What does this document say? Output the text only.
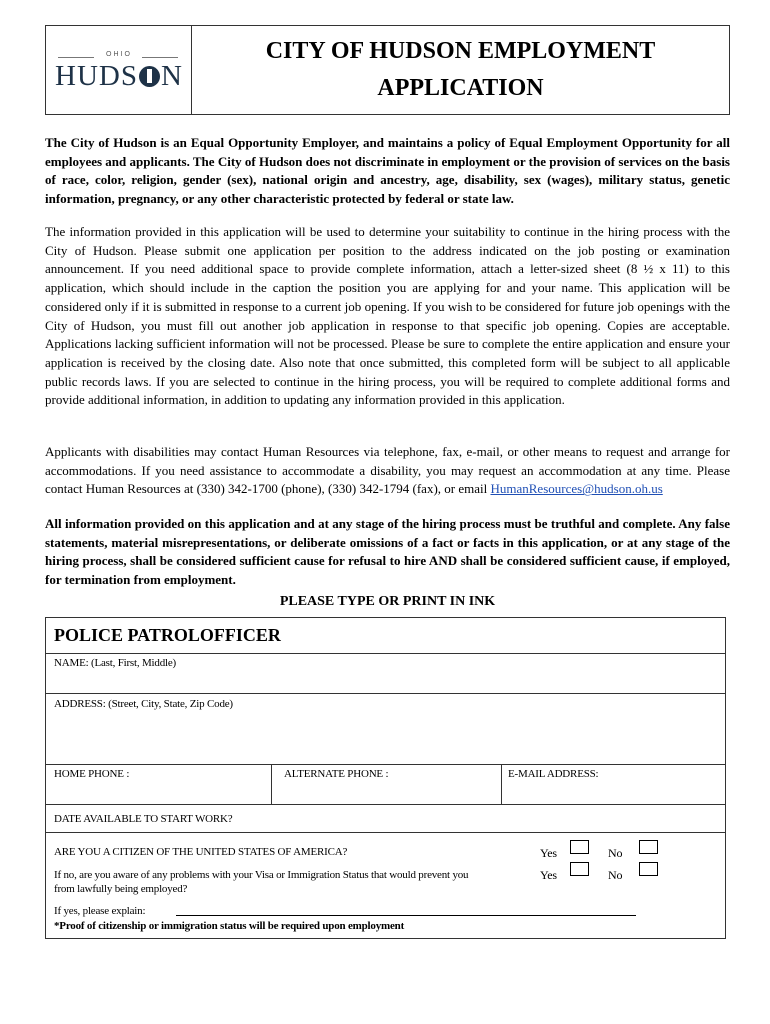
OHIO
HUDS N
CITY OF HUDSON EMPLOYMENT APPLICATION

The City of Hudson is an Equal Opportunity Employer, and maintains a policy of Equal Employment Opportunity for all employees and applicants. The City of Hudson does not discriminate in employment or the provision of services on the basis of race, color, religion, gender (sex), national origin and ancestry, age, disability, sex (wages), military status, genetic information, pregnancy, or any other characteristic protected by federal or state law.

The information provided in this application will be used to determine your suitability to continue in the hiring process with the City of Hudson. Please submit one application per position to the address indicated on the job posting or examination announcement. If you need additional space to provide complete information, attach a letter-sized sheet (8 ½ x 11) to this application, which should include in the caption the position you are applying for and your name. This application will be considered only if it is submitted in response to a current job opening. If you wish to be considered for future job openings with the City of Hudson, you must fill out another job application in response to that specific job opening. Copies are acceptable. Applications lacking sufficient information will not be processed. Please be sure to complete the entire application and ensure your application is received by the closing date. Also note that once submitted, this completed form will be subject to all applicable public records laws. If you are selected to continue in the hiring process, you will be required to complete additional forms and provide additional information, in addition to updating any information provided in this application.

Applicants with disabilities may contact Human Resources via telephone, fax, e-mail, or other means to request and arrange for accommodations. If you need assistance to accommodate a disability, you may request an accommodation at any time. Please contact Human Resources at (330) 342-1700 (phone), (330) 342-1794 (fax), or email HumanResources@hudson.oh.us

All information provided on this application and at any stage of the hiring process must be truthful and complete. Any false statements, material misrepresentations, or deliberate omissions of a fact or facts in this application, or at any stage of the hiring process, shall be considered sufficient cause for refusal to hire AND shall be considered sufficient cause, if employed, for termination from employment.

PLEASE TYPE OR PRINT IN INK

POLICE PATROLOFFICER
NAME: (Last, First, Middle)
ADDRESS: (Street, City, State, Zip Code)
HOME PHONE :	ALTERNATE PHONE :	E-MAIL ADDRESS:
DATE AVAILABLE TO START WORK?
ARE YOU A CITIZEN OF THE UNITED STATES OF AMERICA?	Yes	No
If no, are you aware of any problems with your Visa or Immigration Status that would prevent you from lawfully being employed?
Yes	No
If yes, please explain:
*Proof of citizenship or immigration status will be required upon employment
